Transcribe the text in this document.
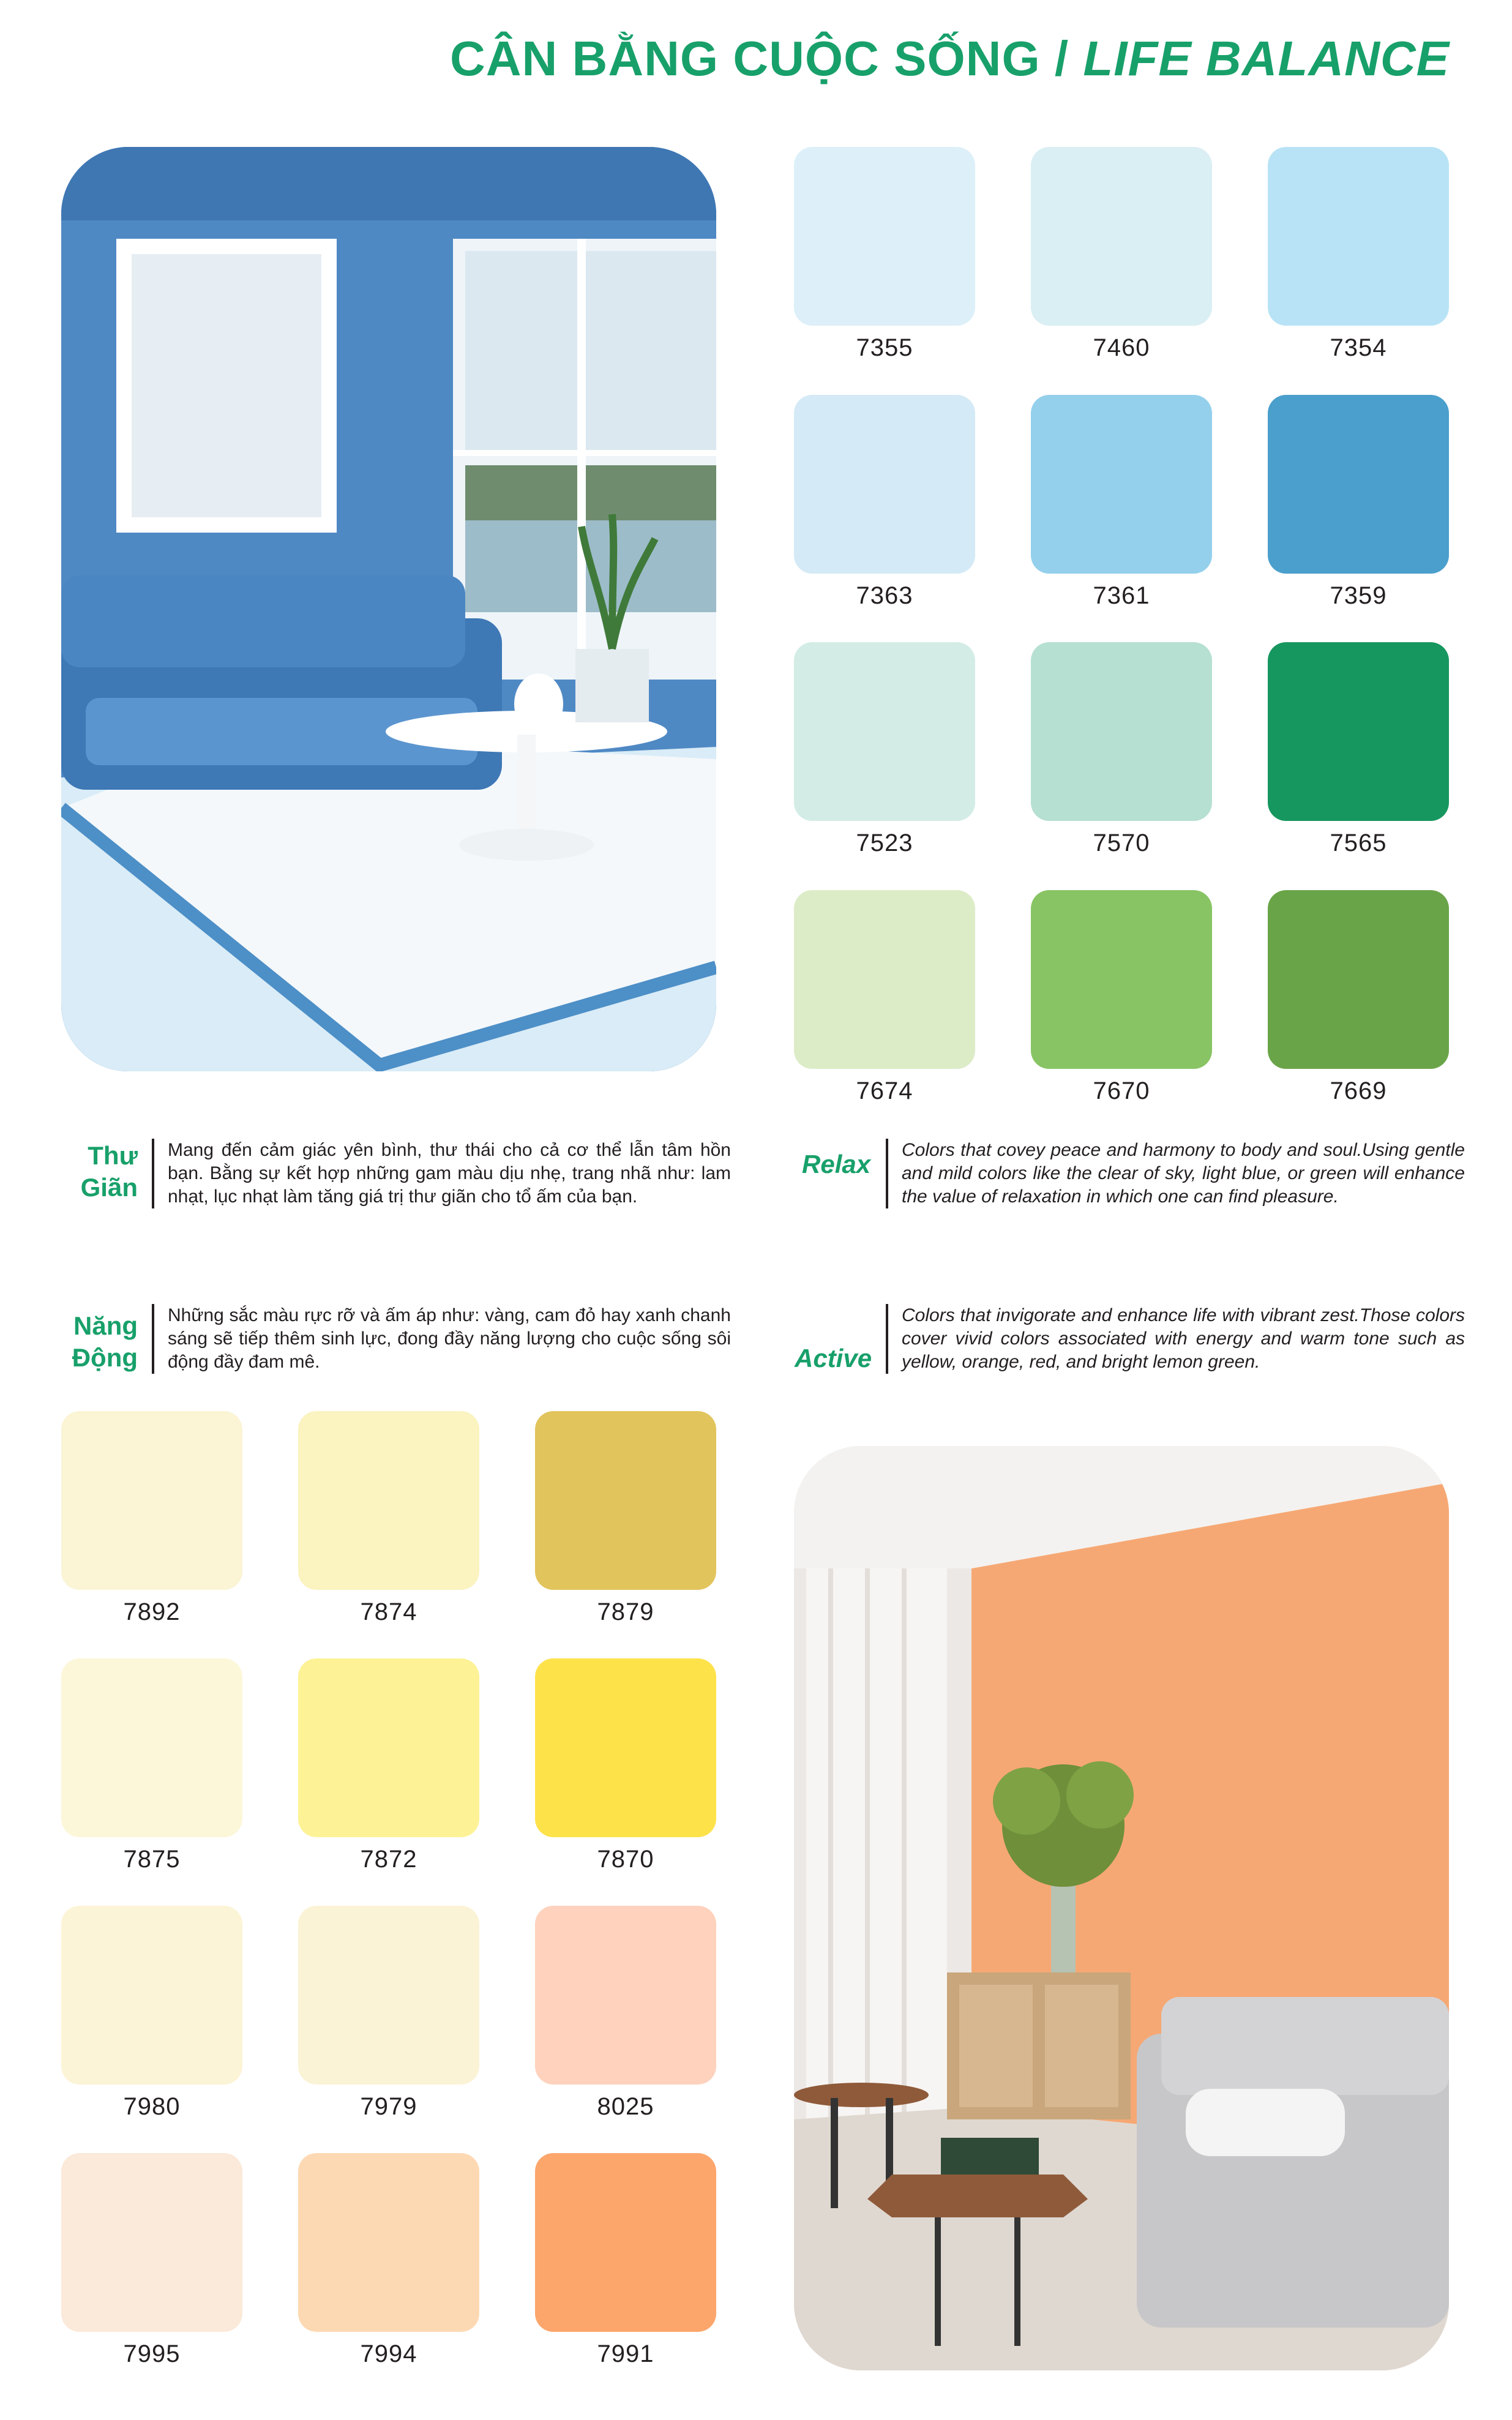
CÂN BẰNG CUỘC SỐNG / LIFE BALANCE
7355	7460	7354
7363	7361	7359
7523	7570	7565
7674	7670	7669
Thư Giãn
Mang đến cảm giác yên bình, thư thái cho cả cơ thể lẫn tâm hồn bạn. Bằng sự kết hợp những gam màu dịu nhẹ, trang nhã như: lam nhạt, lục nhạt làm tăng giá trị thư giãn cho tổ ấm của bạn.
Relax	Colors that covey peace and harmony to body and soul.Using gentle and mild colors like the clear of sky, light blue, or green will enhance the value of relaxation in which one can find pleasure.
Năng Động
Những sắc màu rực rỡ và ấm áp như: vàng, cam đỏ hay xanh chanh sáng sẽ tiếp thêm sinh lực, đong đầy năng lượng cho cuộc sống sôi động đầy đam mê.	Active
Colors that invigorate and enhance life with vibrant zest.Those colors cover vivid colors associated with energy and warm tone such as yellow, orange, red, and bright lemon green.
7892	7874	7879
7875	7872	7870
7980	7979	8025
7995	7994	7991
